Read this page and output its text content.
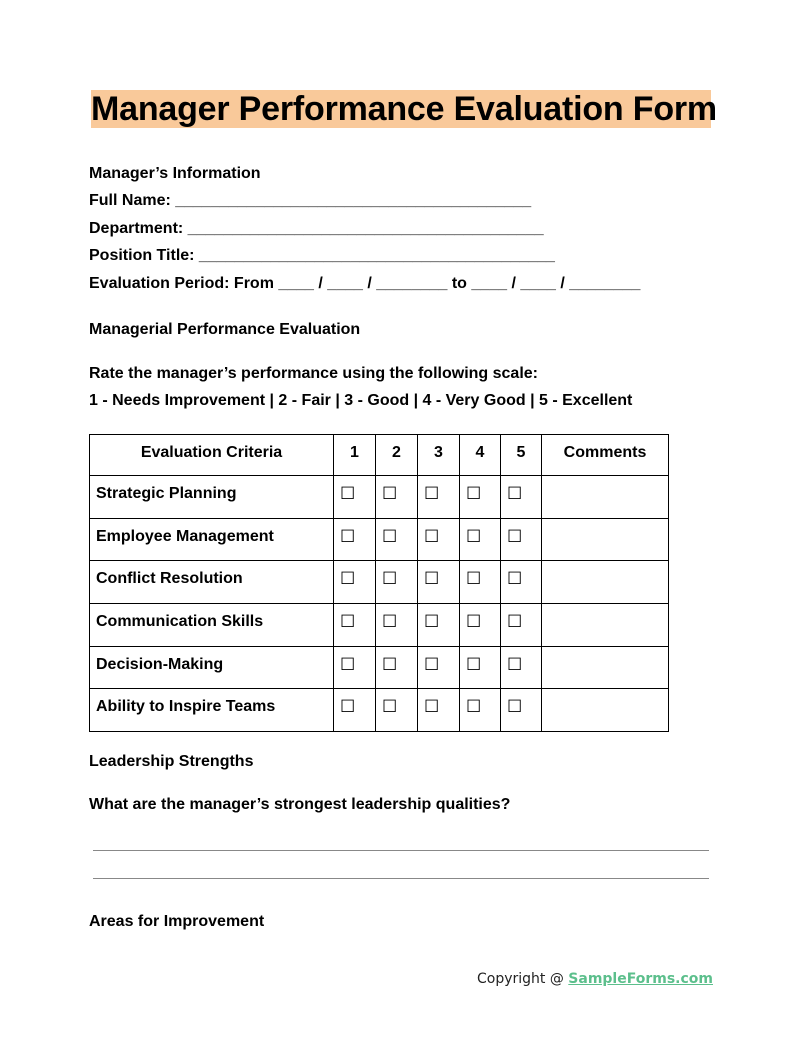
Manager Performance Evaluation Form
Manager’s Information
Full Name: ________________________________________
Department: ________________________________________
Position Title: ________________________________________
Evaluation Period: From ____ / ____ / ________ to ____ / ____ / ________
Managerial Performance Evaluation
Rate the manager’s performance using the following scale:
1 - Needs Improvement | 2 - Fair | 3 - Good | 4 - Very Good | 5 - Excellent
Evaluation Criteria	1	2	3	4	5	Comments
Strategic Planning	☐	☐	☐	☐	☐	
Employee Management	☐	☐	☐	☐	☐	
Conflict Resolution	☐	☐	☐	☐	☐	
Communication Skills	☐	☐	☐	☐	☐	
Decision-Making	☐	☐	☐	☐	☐	
Ability to Inspire Teams	☐	☐	☐	☐	☐	
Leadership Strengths
What are the manager’s strongest leadership qualities?
Areas for Improvement
Copyright @ SampleForms.com
